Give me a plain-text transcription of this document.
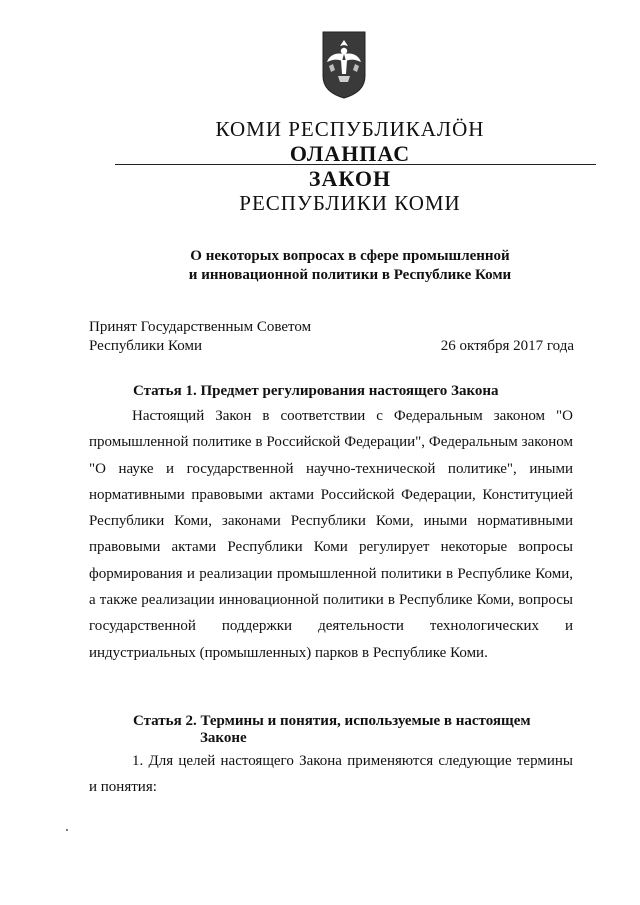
КОМИ РЕСПУБЛИКАЛӦН
ОЛАНПАС
ЗАКОН
РЕСПУБЛИКИ КОМИ
О некоторых вопросах в сфере промышленной
и инновационной политики в Республике Коми
Принят Государственным Советом
Республики Коми	26 октября 2017 года
Статья 1. Предмет регулирования настоящего Закона
Настоящий Закон в соответствии с Федеральным законом "О промышленной политике в Российской Федерации", Федеральным законом "О науке и государственной научно-технической политике", иными нормативными правовыми актами Российской Федерации, Конституцией Республики Коми, законами Республики Коми, иными нормативными правовыми актами Республики Коми регулирует некоторые вопросы формирования и реализации промышленной политики в Республике Коми, а также реализации инновационной политики в Республике Коми, вопросы государственной поддержки деятельности технологических и индустриальных (промышленных) парков в Республике Коми.
Статья 2. Термины и понятия, используемые в настоящем
Законе
1. Для целей настоящего Закона применяются следующие термины и понятия:
